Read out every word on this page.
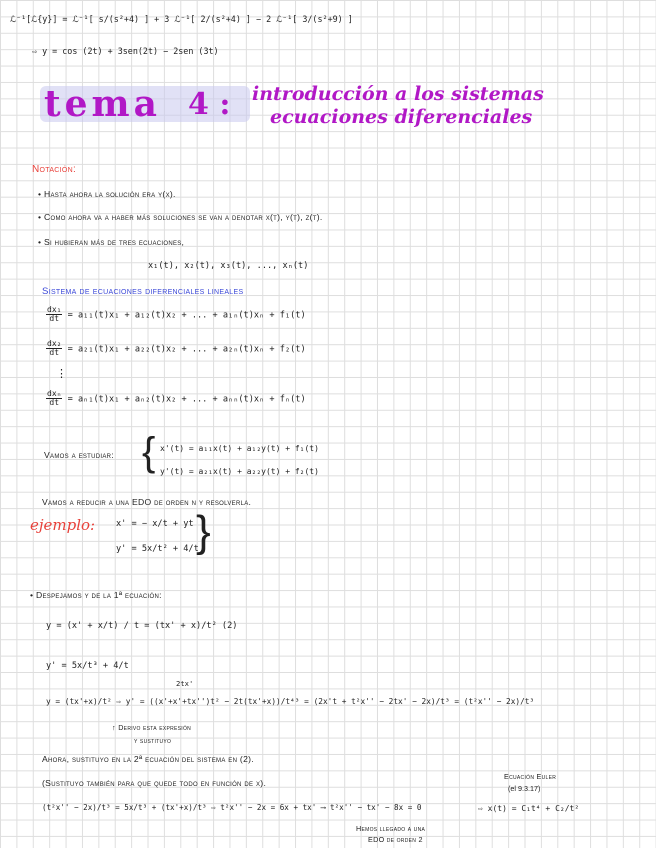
ℒ⁻¹[ℒ{y}] = ℒ⁻¹[ s/(s²+4) ] + 3 ℒ⁻¹[ 2/(s²+4) ] − 2 ℒ⁻¹[ 3/(s²+9) ]
⇨ y = cos (2t) + 3sen(2t) − 2sen (3t)
tema 4 : introducción a los sistemas
ecuaciones diferenciales
Notación:
• Hasta ahora la solución era y(x).
• Como ahora va a haber más soluciones se van a denotar x(t), y(t), z(t).
• Si hubieran más de tres ecuaciones,
x₁(t), x₂(t), x₃(t), ..., xₙ(t)
Sistema de ecuaciones diferenciales lineales
$\frac{\text{dx₁}}{dt} = a_{11}(t)x_1 + a_{12}(t)x_2$ + ... + a₁ₙ(t)xₙ + f₁(t)
$\frac{\text{dx₂}}{dt} = a_{21}(t)x_1 + a_{22}(t)x_2$ + ... + a₂ₙ(t)xₙ + f₂(t)
⋮
$\frac{\text{dxₙ}}{dt} = a_{n1}(t)x_1 + a_{n2}(t)x_2$ + ... + aₙₙ(t)xₙ + fₙ(t)
Vamos a estudiar: { x'(t) = a₁₁x(t) + a₁₂y(t) + f₁(t)
y'(t) = a₂₁x(t) + a₂₂y(t) + f₂(t)
Vamos a reducir a una EDO de orden n y resolverla.
ejemplo: x' = − x/t + yt
y' = 5x/t² + 4/t
}
• Despejamos y de la 1ª ecuación:
y = (x' + x/t) / t = (tx' + x)/t² (2)
y' = 5x/t³ + 4/t
2tx'
y = (tx'+x)/t² ⇨ y' = ((x'+x'+tx'')t² − 2t(tx'+x))/t⁴³ = (2x't + t²x'' − 2tx' − 2x)/t³ = (t²x'' − 2x)/t³
↑ Derivo esta expresión
y sustituyo
Ahora, sustituyo en la 2ª ecuación del sistema en (2).
(Sustituyo también para que quede todo en función de x).
Ecuación Euler
(el 9.3.17)
(t²x'' − 2x)/t³ = 5x/t³ + (tx'+x)/t³ ⇨ t²x'' − 2x = 6x + tx' ⟶ t²x'' − tx' − 8x = 0	⇨ x(t) = C₁t⁴ + C₂/t²
Hemos llegado a una
EDO de orden 2
